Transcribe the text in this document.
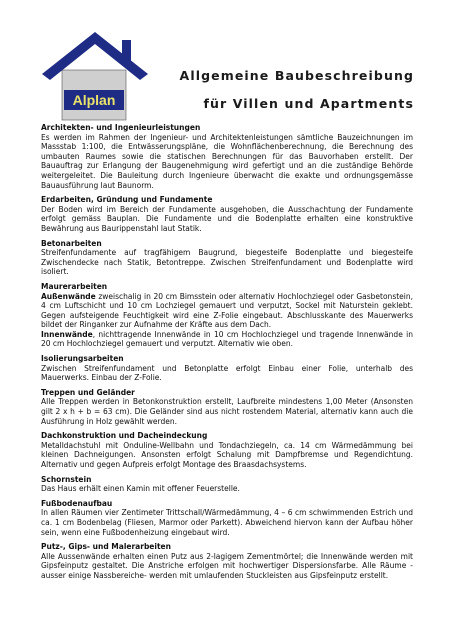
Alplan
Allgemeine Baubeschreibung
für Villen und Apartments
Architekten- und Ingenieurleistungen
Es werden im Rahmen der Ingenieur- und Architektenleistungen sämtliche Bauzeichnungen im Massstab 1:100, die Entwässerungspläne, die Wohnflächenberechnung, die Berechnung des umbauten Raumes sowie die statischen Berechnungen für das Bauvorhaben erstellt. Der Bauauftrag zur Erlangung der Baugenehmigung wird gefertigt und an die zuständige Behörde weitergeleitet. Die Bauleitung durch Ingenieure überwacht die exakte und ordnungsgemässe Bauausführung laut Baunorm.
Erdarbeiten, Gründung und Fundamente
Der Boden wird im Bereich der Fundamente ausgehoben, die Ausschachtung der Fundamente erfolgt gemäss Bauplan. Die Fundamente und die Bodenplatte erhalten eine konstruktive Bewährung aus Baurippenstahl laut Statik.
Betonarbeiten
Streifenfundamente auf tragfähigem Baugrund, biegesteife Bodenplatte und biegesteife Zwischendecke nach Statik, Betontreppe. Zwischen Streifenfundament und Bodenplatte wird isoliert.
Maurerarbeiten
Außenwände zweischalig in 20 cm Bimsstein oder alternativ Hochlochziegel oder Gasbetonstein, 4 cm Luftschicht und 10 cm Lochziegel gemauert und verputzt, Sockel mit Naturstein geklebt. Gegen aufsteigende Feuchtigkeit wird eine Z-Folie eingebaut. Abschlusskante des Mauerwerks bildet der Ringanker zur Aufnahme der Kräfte aus dem Dach.
Innenwände, nichttragende Innenwände in 10 cm Hochlochziegel und tragende Innenwände in 20 cm Hochlochziegel gemauert und verputzt. Alternativ wie oben.
Isolierungsarbeiten
Zwischen Streifenfundament und Betonplatte erfolgt Einbau einer Folie, unterhalb des Mauerwerks. Einbau der Z-Folie.
Treppen und Geländer
Alle Treppen werden in Betonkonstruktion erstellt, Laufbreite mindestens 1,00 Meter (Ansonsten gilt 2 x h + b = 63 cm). Die Geländer sind aus nicht rostendem Material, alternativ kann auch die Ausführung in Holz gewählt werden.
Dachkonstruktion und Dacheindeckung
Metalldachstuhl mit Onduline-Wellbahn und Tondachziegeln, ca. 14 cm Wärmedämmung bei kleinen Dachneigungen. Ansonsten erfolgt Schalung mit Dampfbremse und Regendichtung. Alternativ und gegen Aufpreis erfolgt Montage des Braasdachsystems.
Schornstein
Das Haus erhält einen Kamin mit offener Feuerstelle.
Fußbodenaufbau
In allen Räumen vier Zentimeter Trittschall/Wärmedämmung, 4 – 6 cm schwimmenden Estrich und ca. 1 cm Bodenbelag (Fliesen, Marmor oder Parkett). Abweichend hiervon kann der Aufbau höher sein, wenn eine Fußbodenheizung eingebaut wird.
Putz-, Gips- und Malerarbeiten
Alle Aussenwände erhalten einen Putz aus 2-lagigem Zementmörtel; die Innenwände werden mit Gipsfeinputz gestaltet. Die Anstriche erfolgen mit hochwertiger Dispersionsfarbe. Alle Räume -ausser einige Nassbereiche- werden mit umlaufenden Stuckleisten aus Gipsfeinputz erstellt.
